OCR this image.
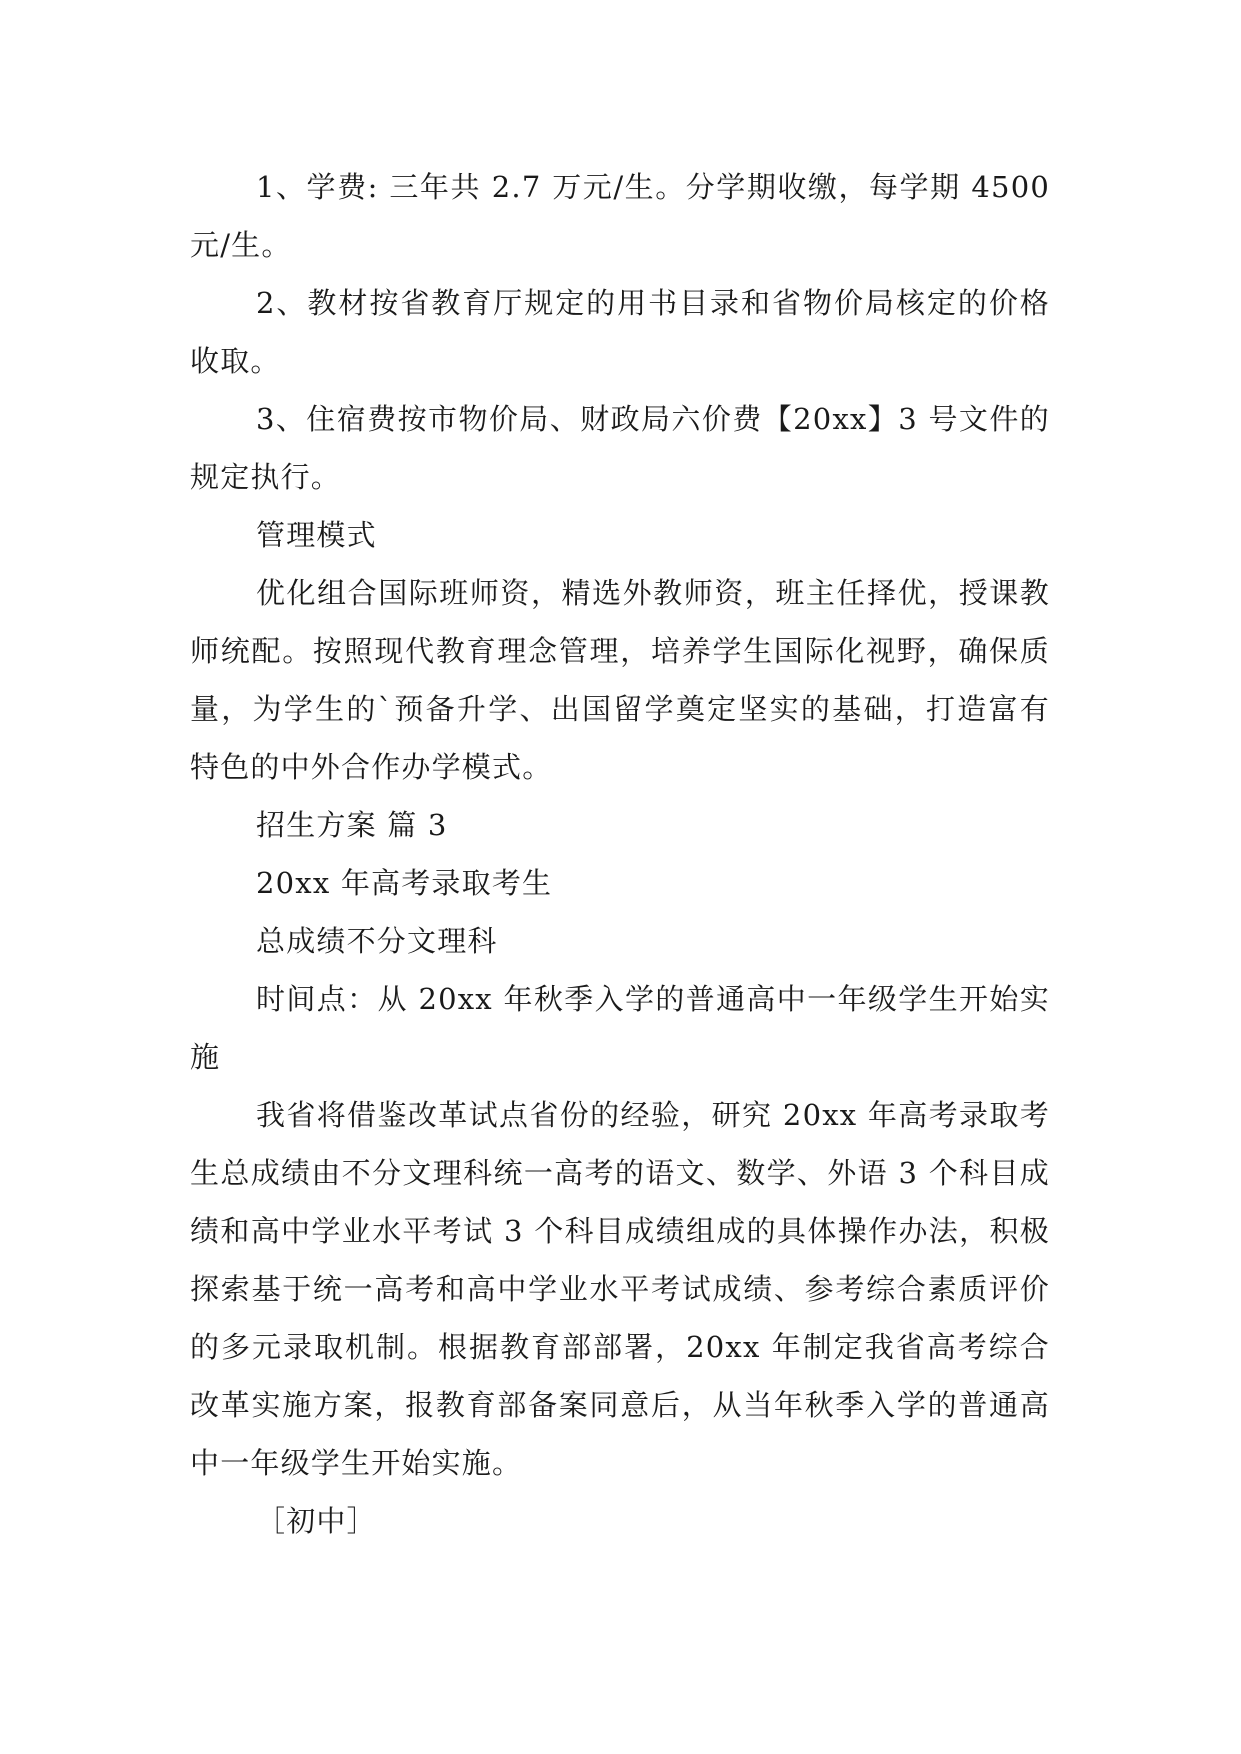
1、学费: 三年共 2.7 万元/生。分学期收缴，每学期 4500 元/生。

2、教材按省教育厅规定的用书目录和省物价局核定的价格收取。

3、住宿费按市物价局、财政局六价费【20xx】3 号文件的规定执行。

管理模式

优化组合国际班师资，精选外教师资，班主任择优，授课教师统配。按照现代教育理念管理，培养学生国际化视野，确保质量，为学生的`预备升学、出国留学奠定坚实的基础，打造富有特色的中外合作办学模式。

招生方案 篇 3

20xx 年高考录取考生

总成绩不分文理科

时间点：从 20xx 年秋季入学的普通高中一年级学生开始实施

我省将借鉴改革试点省份的经验，研究 20xx 年高考录取考生总成绩由不分文理科统一高考的语文、数学、外语 3 个科目成绩和高中学业水平考试 3 个科目成绩组成的具体操作办法，积极探索基于统一高考和高中学业水平考试成绩、参考综合素质评价的多元录取机制。根据教育部部署，20xx 年制定我省高考综合改革实施方案，报教育部备案同意后，从当年秋季入学的普通高中一年级学生开始实施。

［初中］
